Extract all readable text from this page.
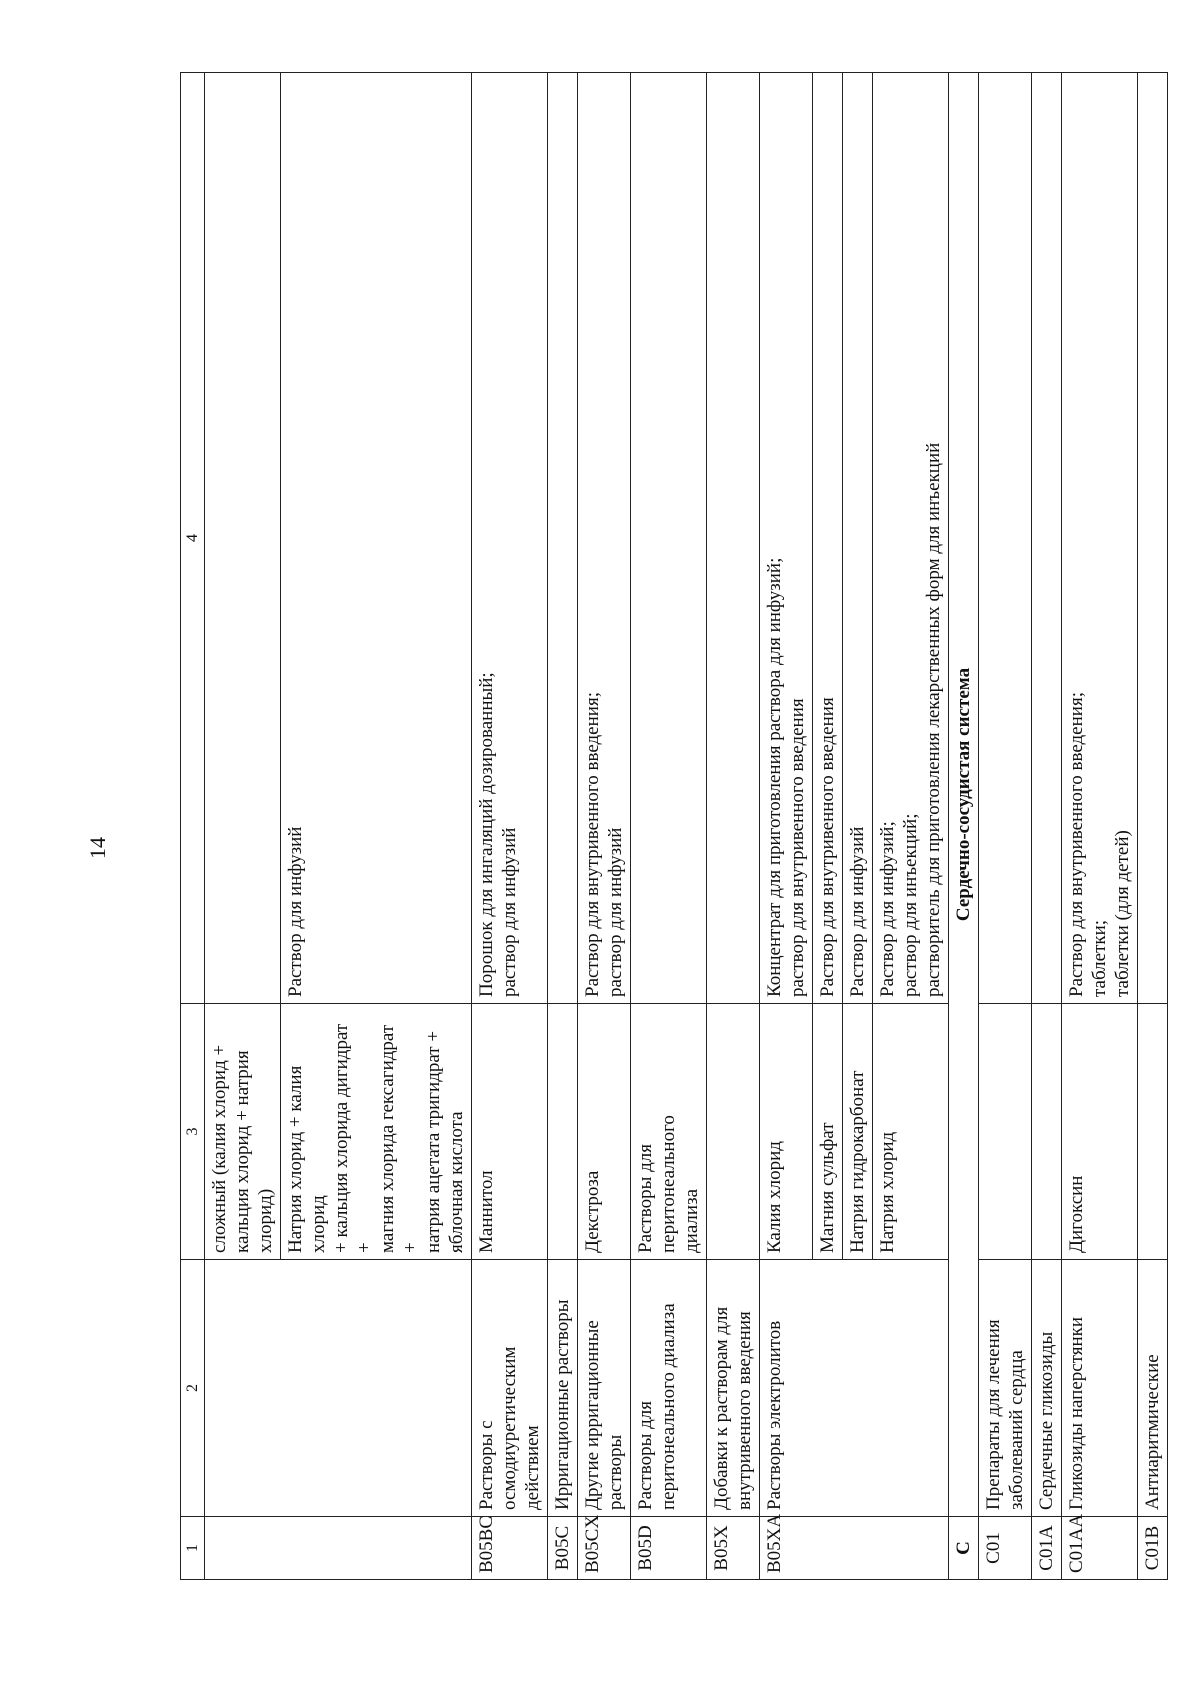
14
1	2	3	4
		сложный (калия хлорид +
кальция хлорид + натрия
хлорид)	
		Натрия хлорид + калия хлорид
+ кальция хлорида дигидрат +
магния хлорида гексагидрат +
натрия ацетата тригидрат +
яблочная кислота	Раствор для инфузий
B05BC	Растворы с
осмодиуретическим
действием	Маннитол	Порошок для ингаляций дозированный;
раствор для инфузий
B05C	Ирригационные растворы		
B05CX	Другие ирригационные
растворы	Декстроза	Раствор для внутривенного введения;
раствор для инфузий
B05D	Растворы для
перитонеального диализа	Растворы для перитонеального
диализа	
B05X	Добавки к растворам для
внутривенного введения		
B05XA	Растворы электролитов	Калия хлорид	Концентрат для приготовления раствора для инфузий;
раствор для внутривенного введения
		Магния сульфат	Раствор для внутривенного введения
		Натрия гидрокарбонат	Раствор для инфузий
		Натрия хлорид	Раствор для инфузий;
раствор для инъекций;
растворитель для приготовления лекарственных форм для инъекций
C	Сердечно-сосудистая система		
C01	Препараты для лечения
заболеваний сердца		
C01A	Сердечные гликозиды		
C01AA	Гликозиды наперстянки	Дигоксин	Раствор для внутривенного введения;
таблетки;
таблетки (для детей)
C01B	Антиаритмические		
